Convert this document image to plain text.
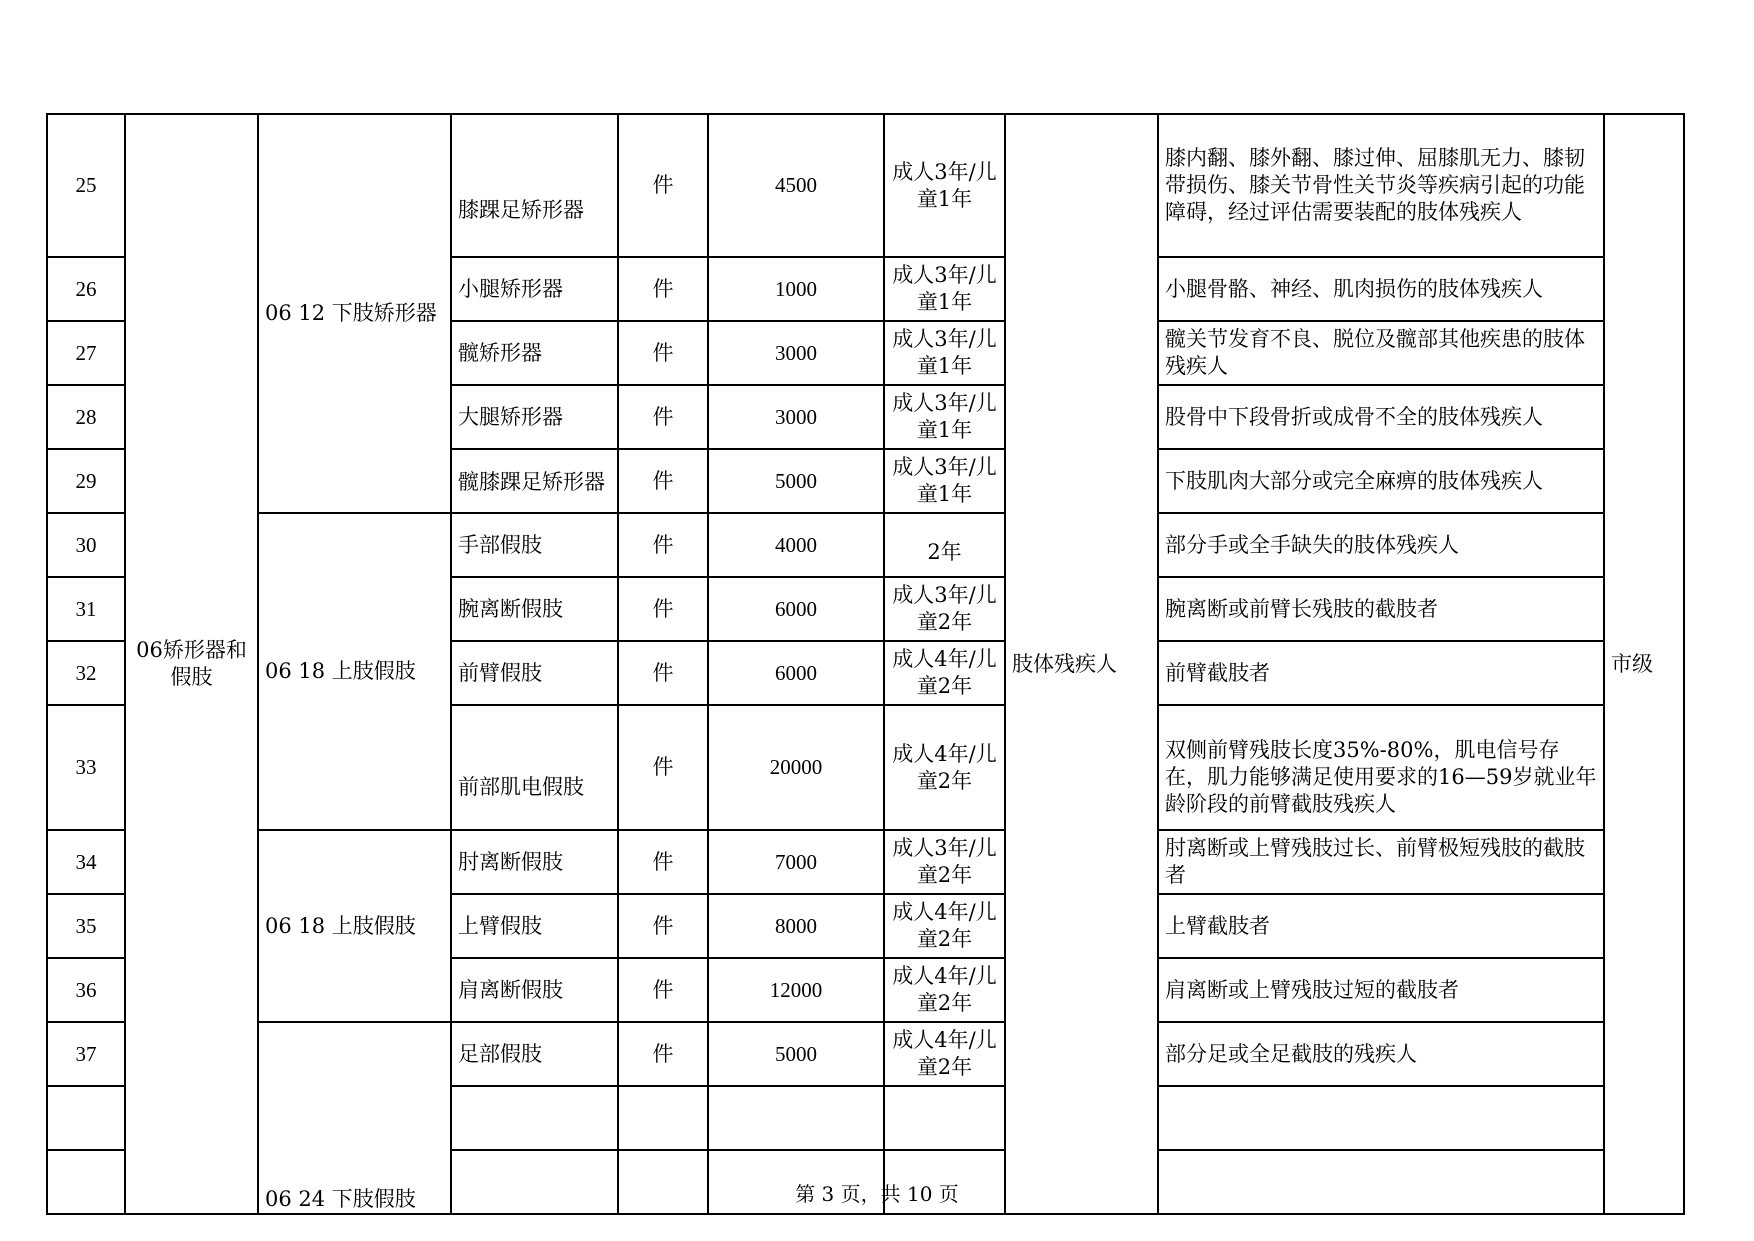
25	06矫形器和假肢	06 12 下肢矫形器	膝踝足矫形器	件	4500	成人3年/儿童1年	肢体残疾人	膝内翻、膝外翻、膝过伸、屈膝肌无力、膝韧带损伤、膝关节骨性关节炎等疾病引起的功能障碍，经过评估需要装配的肢体残疾人	市级
26			小腿矫形器	件	1000	成人3年/儿童1年		小腿骨骼、神经、肌肉损伤的肢体残疾人	
27			髋矫形器	件	3000	成人3年/儿童1年		髋关节发育不良、脱位及髋部其他疾患的肢体残疾人	
28			大腿矫形器	件	3000	成人3年/儿童1年		股骨中下段骨折或成骨不全的肢体残疾人	
29			髋膝踝足矫形器	件	5000	成人3年/儿童1年		下肢肌肉大部分或完全麻痹的肢体残疾人	
30		06 18 上肢假肢	手部假肢	件	4000	2年		部分手或全手缺失的肢体残疾人	
31			腕离断假肢	件	6000	成人3年/儿童2年		腕离断或前臂长残肢的截肢者	
32			前臂假肢	件	6000	成人4年/儿童2年		前臂截肢者	
33			前部肌电假肢	件	20000	成人4年/儿童2年		双侧前臂残肢长度35%-80%，肌电信号存在，肌力能够满足使用要求的16—59岁就业年龄阶段的前臂截肢残疾人	
34		06 18 上肢假肢	肘离断假肢	件	7000	成人3年/儿童2年		肘离断或上臂残肢过长、前臂极短残肢的截肢者	
35			上臂假肢	件	8000	成人4年/儿童2年		上臂截肢者	
36			肩离断假肢	件	12000	成人4年/儿童2年		肩离断或上臂残肢过短的截肢者	
37		06 24 下肢假肢	足部假肢	件	5000	成人4年/儿童2年		部分足或全足截肢的残疾人	

第 3 页，共 10 页
